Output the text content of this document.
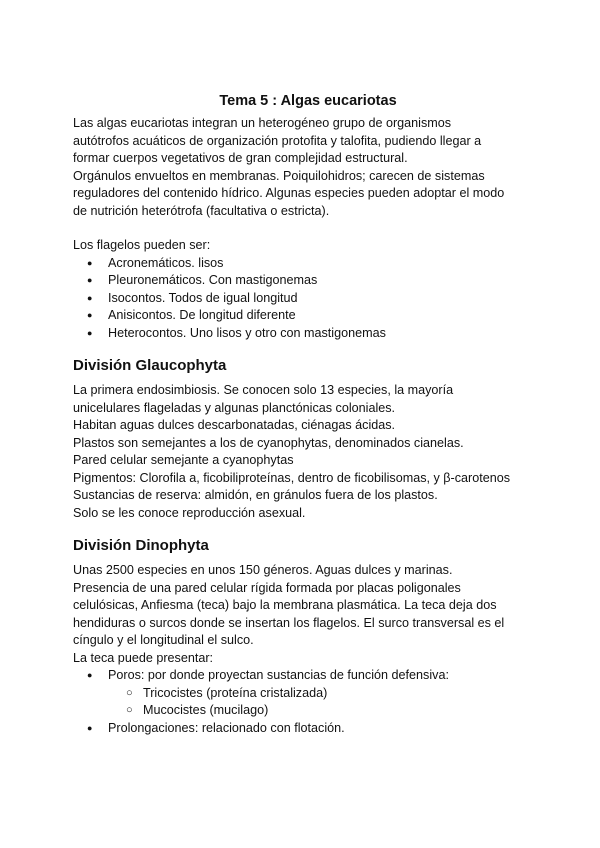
Tema 5 : Algas eucariotas
Las algas eucariotas integran un heterogéneo grupo de organismos
autótrofos acuáticos de organización protofita y talofita, pudiendo llegar a
formar cuerpos vegetativos de gran complejidad estructural.
Orgánulos envueltos en membranas. Poiquilohidros; carecen de sistemas
reguladores del contenido hídrico. Algunas especies pueden adoptar el modo
de nutrición heterótrofa (facultativa o estricta).
Los flagelos pueden ser:
● Acronemáticos. lisos
● Pleuronemáticos. Con mastigonemas
● Isocontos. Todos de igual longitud
● Anisicontos. De longitud diferente
● Heterocontos. Uno lisos y otro con mastigonemas
División Glaucophyta
La primera endosimbiosis. Se conocen solo 13 especies, la mayoría
unicelulares flageladas y algunas planctónicas coloniales.
Habitan aguas dulces descarbonatadas, ciénagas ácidas.
Plastos son semejantes a los de cyanophytas, denominados cianelas.
Pared celular semejante a cyanophytas
Pigmentos: Clorofila a, ficobiliproteínas, dentro de ficobilisomas, y β-carotenos
Sustancias de reserva: almidón, en gránulos fuera de los plastos.
Solo se les conoce reproducción asexual.
División Dinophyta
Unas 2500 especies en unos 150 géneros. Aguas dulces y marinas.
Presencia de una pared celular rígida formada por placas poligonales
celulósicas, Anfiesma (teca) bajo la membrana plasmática. La teca deja dos
hendiduras o surcos donde se insertan los flagelos. El surco transversal es el
cíngulo y el longitudinal el sulco.
La teca puede presentar:
● Poros: por donde proyectan sustancias de función defensiva:
○ Tricocistes (proteína cristalizada)
○ Mucocistes (mucilago)
● Prolongaciones: relacionado con flotación.
